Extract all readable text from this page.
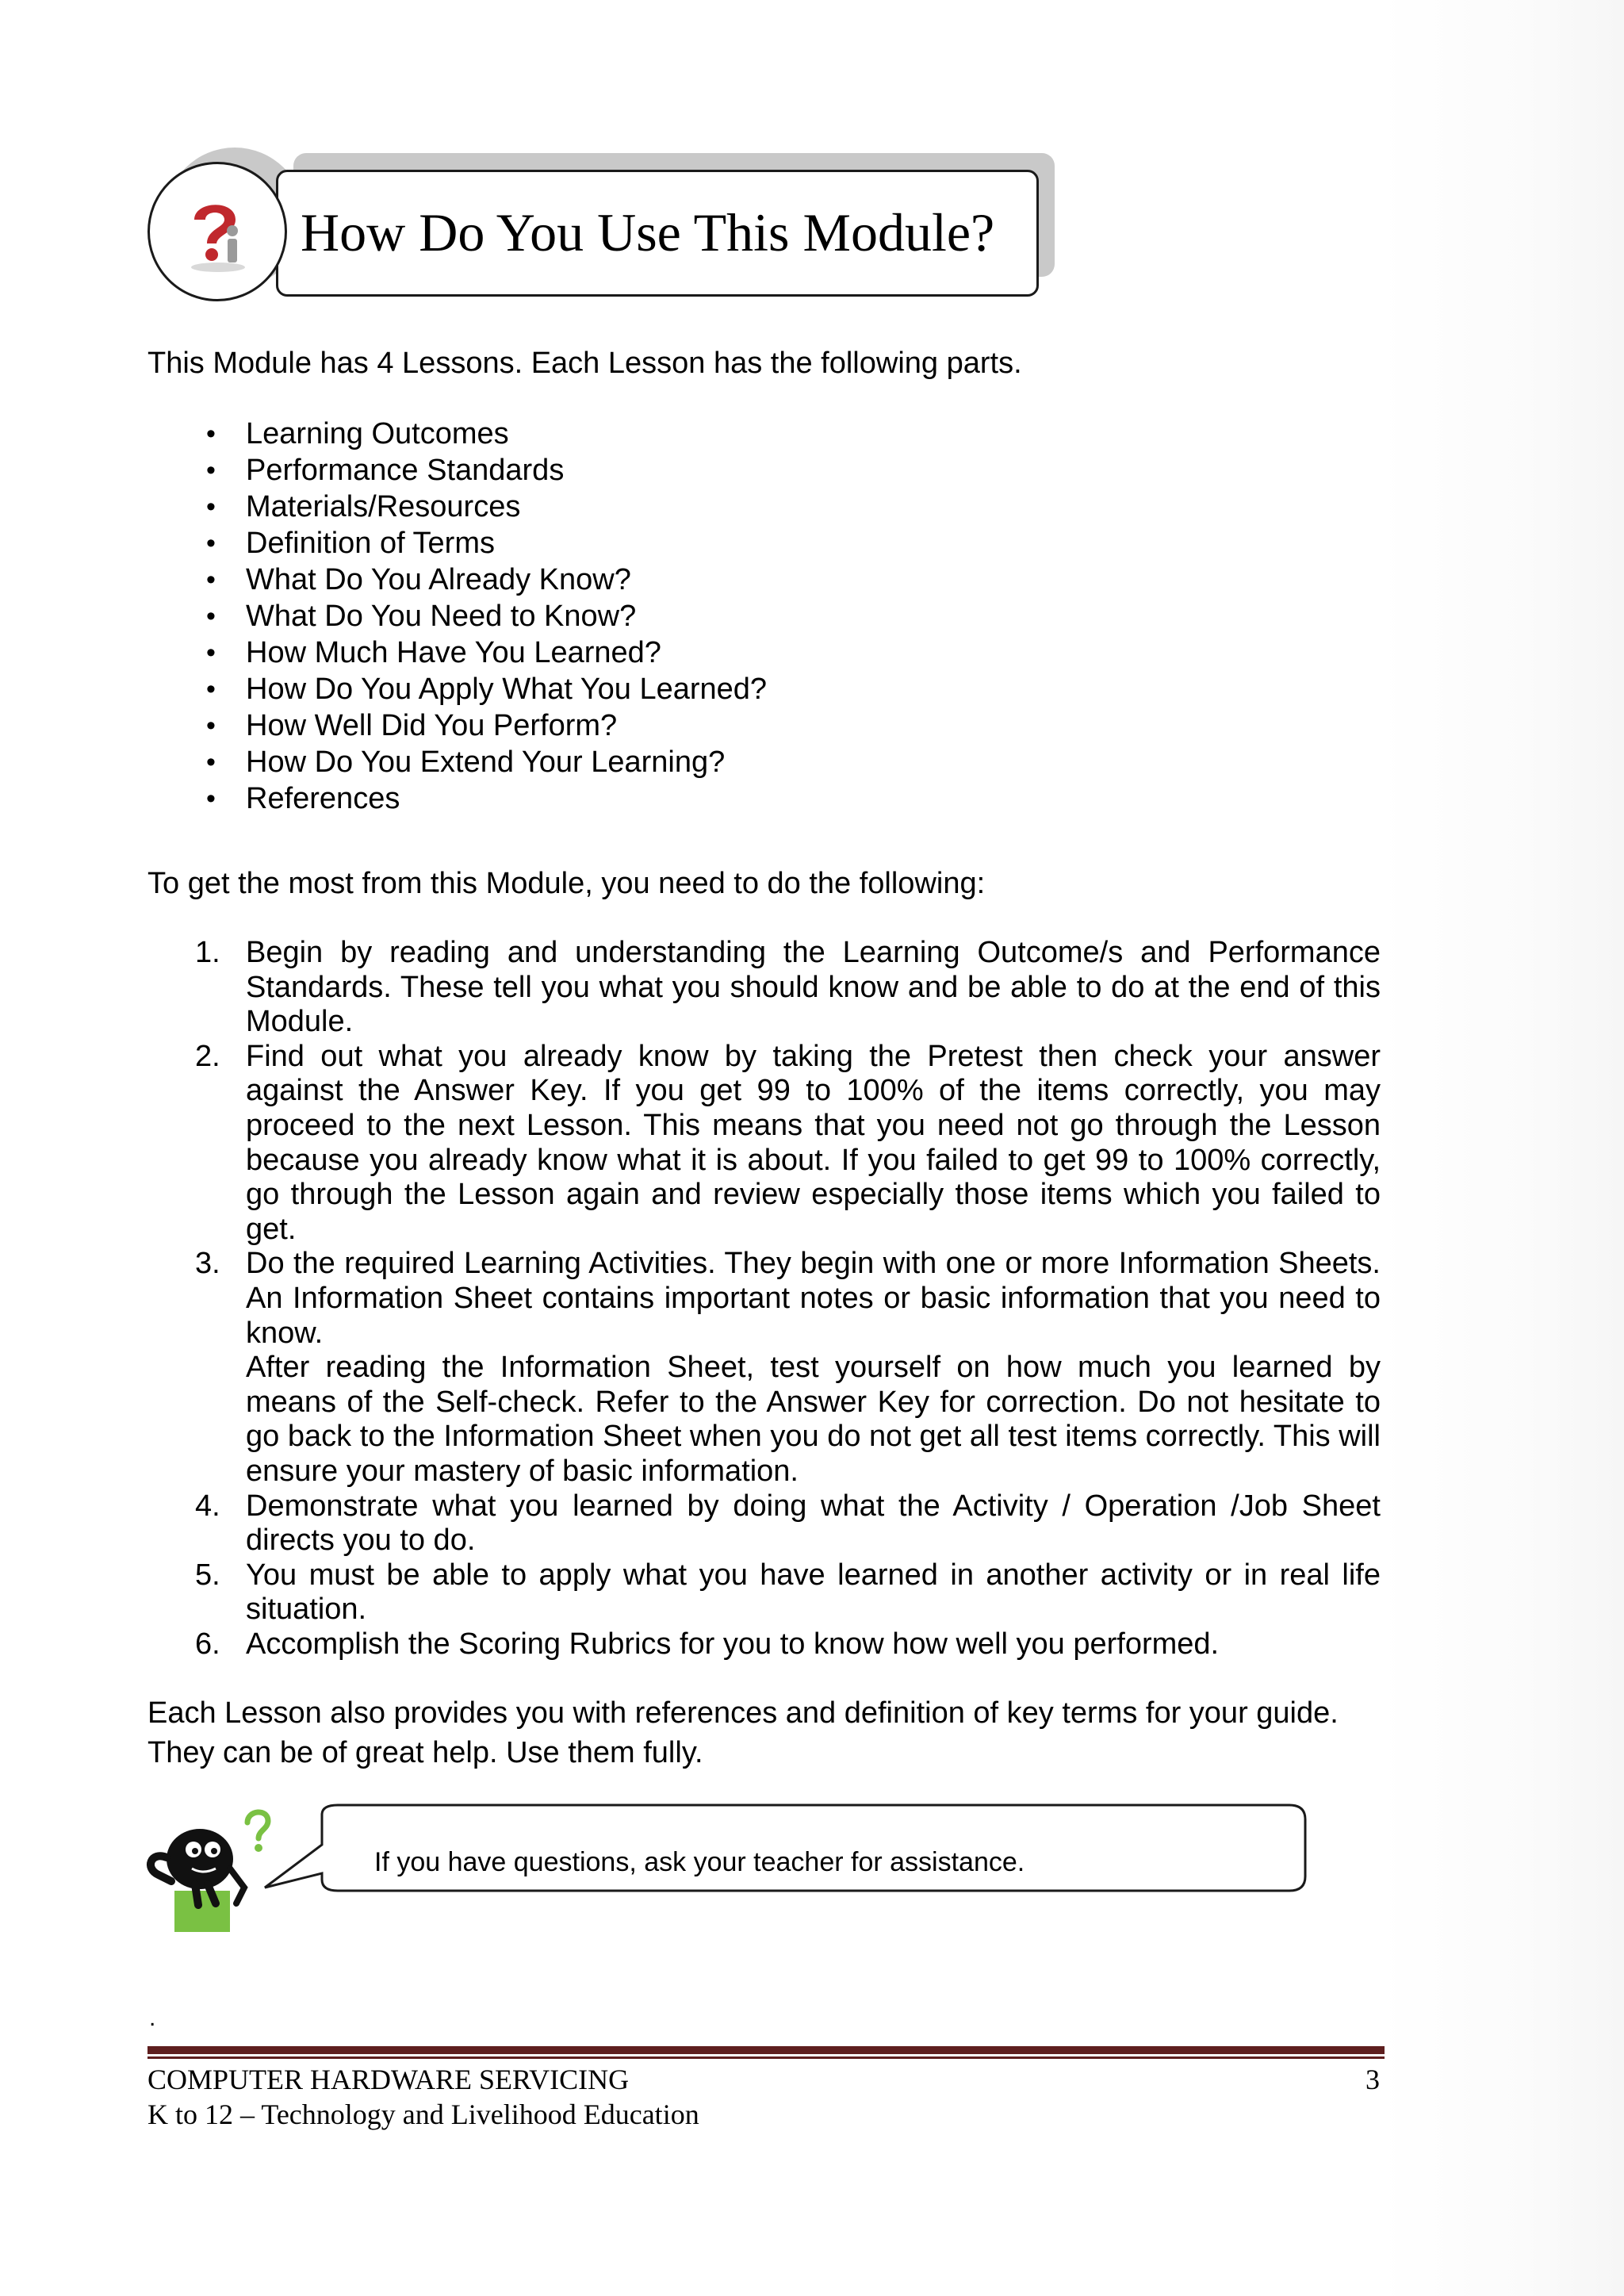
How Do You Use This Module?

This Module has 4 Lessons. Each Lesson has the following parts.

• Learning Outcomes
• Performance Standards
• Materials/Resources
• Definition of Terms
• What Do You Already Know?
• What Do You Need to Know?
• How Much Have You Learned?
• How Do You Apply What You Learned?
• How Well Did You Perform?
• How Do You Extend Your Learning?
• References

To get the most from this Module, you need to do the following:

1. Begin by reading and understanding the Learning Outcome/s and Performance Standards. These tell you what you should know and be able to do at the end of this Module.

2. Find out what you already know by taking the Pretest then check your answer against the Answer Key. If you get 99 to 100% of the items correctly, you may proceed to the next Lesson. This means that you need not go through the Lesson because you already know what it is about. If you failed to get 99 to 100% correctly, go through the Lesson again and review especially those items which you failed to get.

3. Do the required Learning Activities. They begin with one or more Information Sheets. An Information Sheet contains important notes or basic information that you need to know.

After reading the Information Sheet, test yourself on how much you learned by means of the Self-check. Refer to the Answer Key for correction. Do not hesitate to go back to the Information Sheet when you do not get all test items correctly. This will ensure your mastery of basic information.

4. Demonstrate what you learned by doing what the Activity / Operation /Job Sheet directs you to do.

5. You must be able to apply what you have learned in another activity or in real life situation.

6. Accomplish the Scoring Rubrics for you to know how well you performed.

Each Lesson also provides you with references and definition of key terms for your guide.

They can be of great help. Use them fully.

If you have questions, ask your teacher for assistance.
.
COMPUTER HARDWARE SERVICING
K to 12 – Technology and Livelihood Education
3
